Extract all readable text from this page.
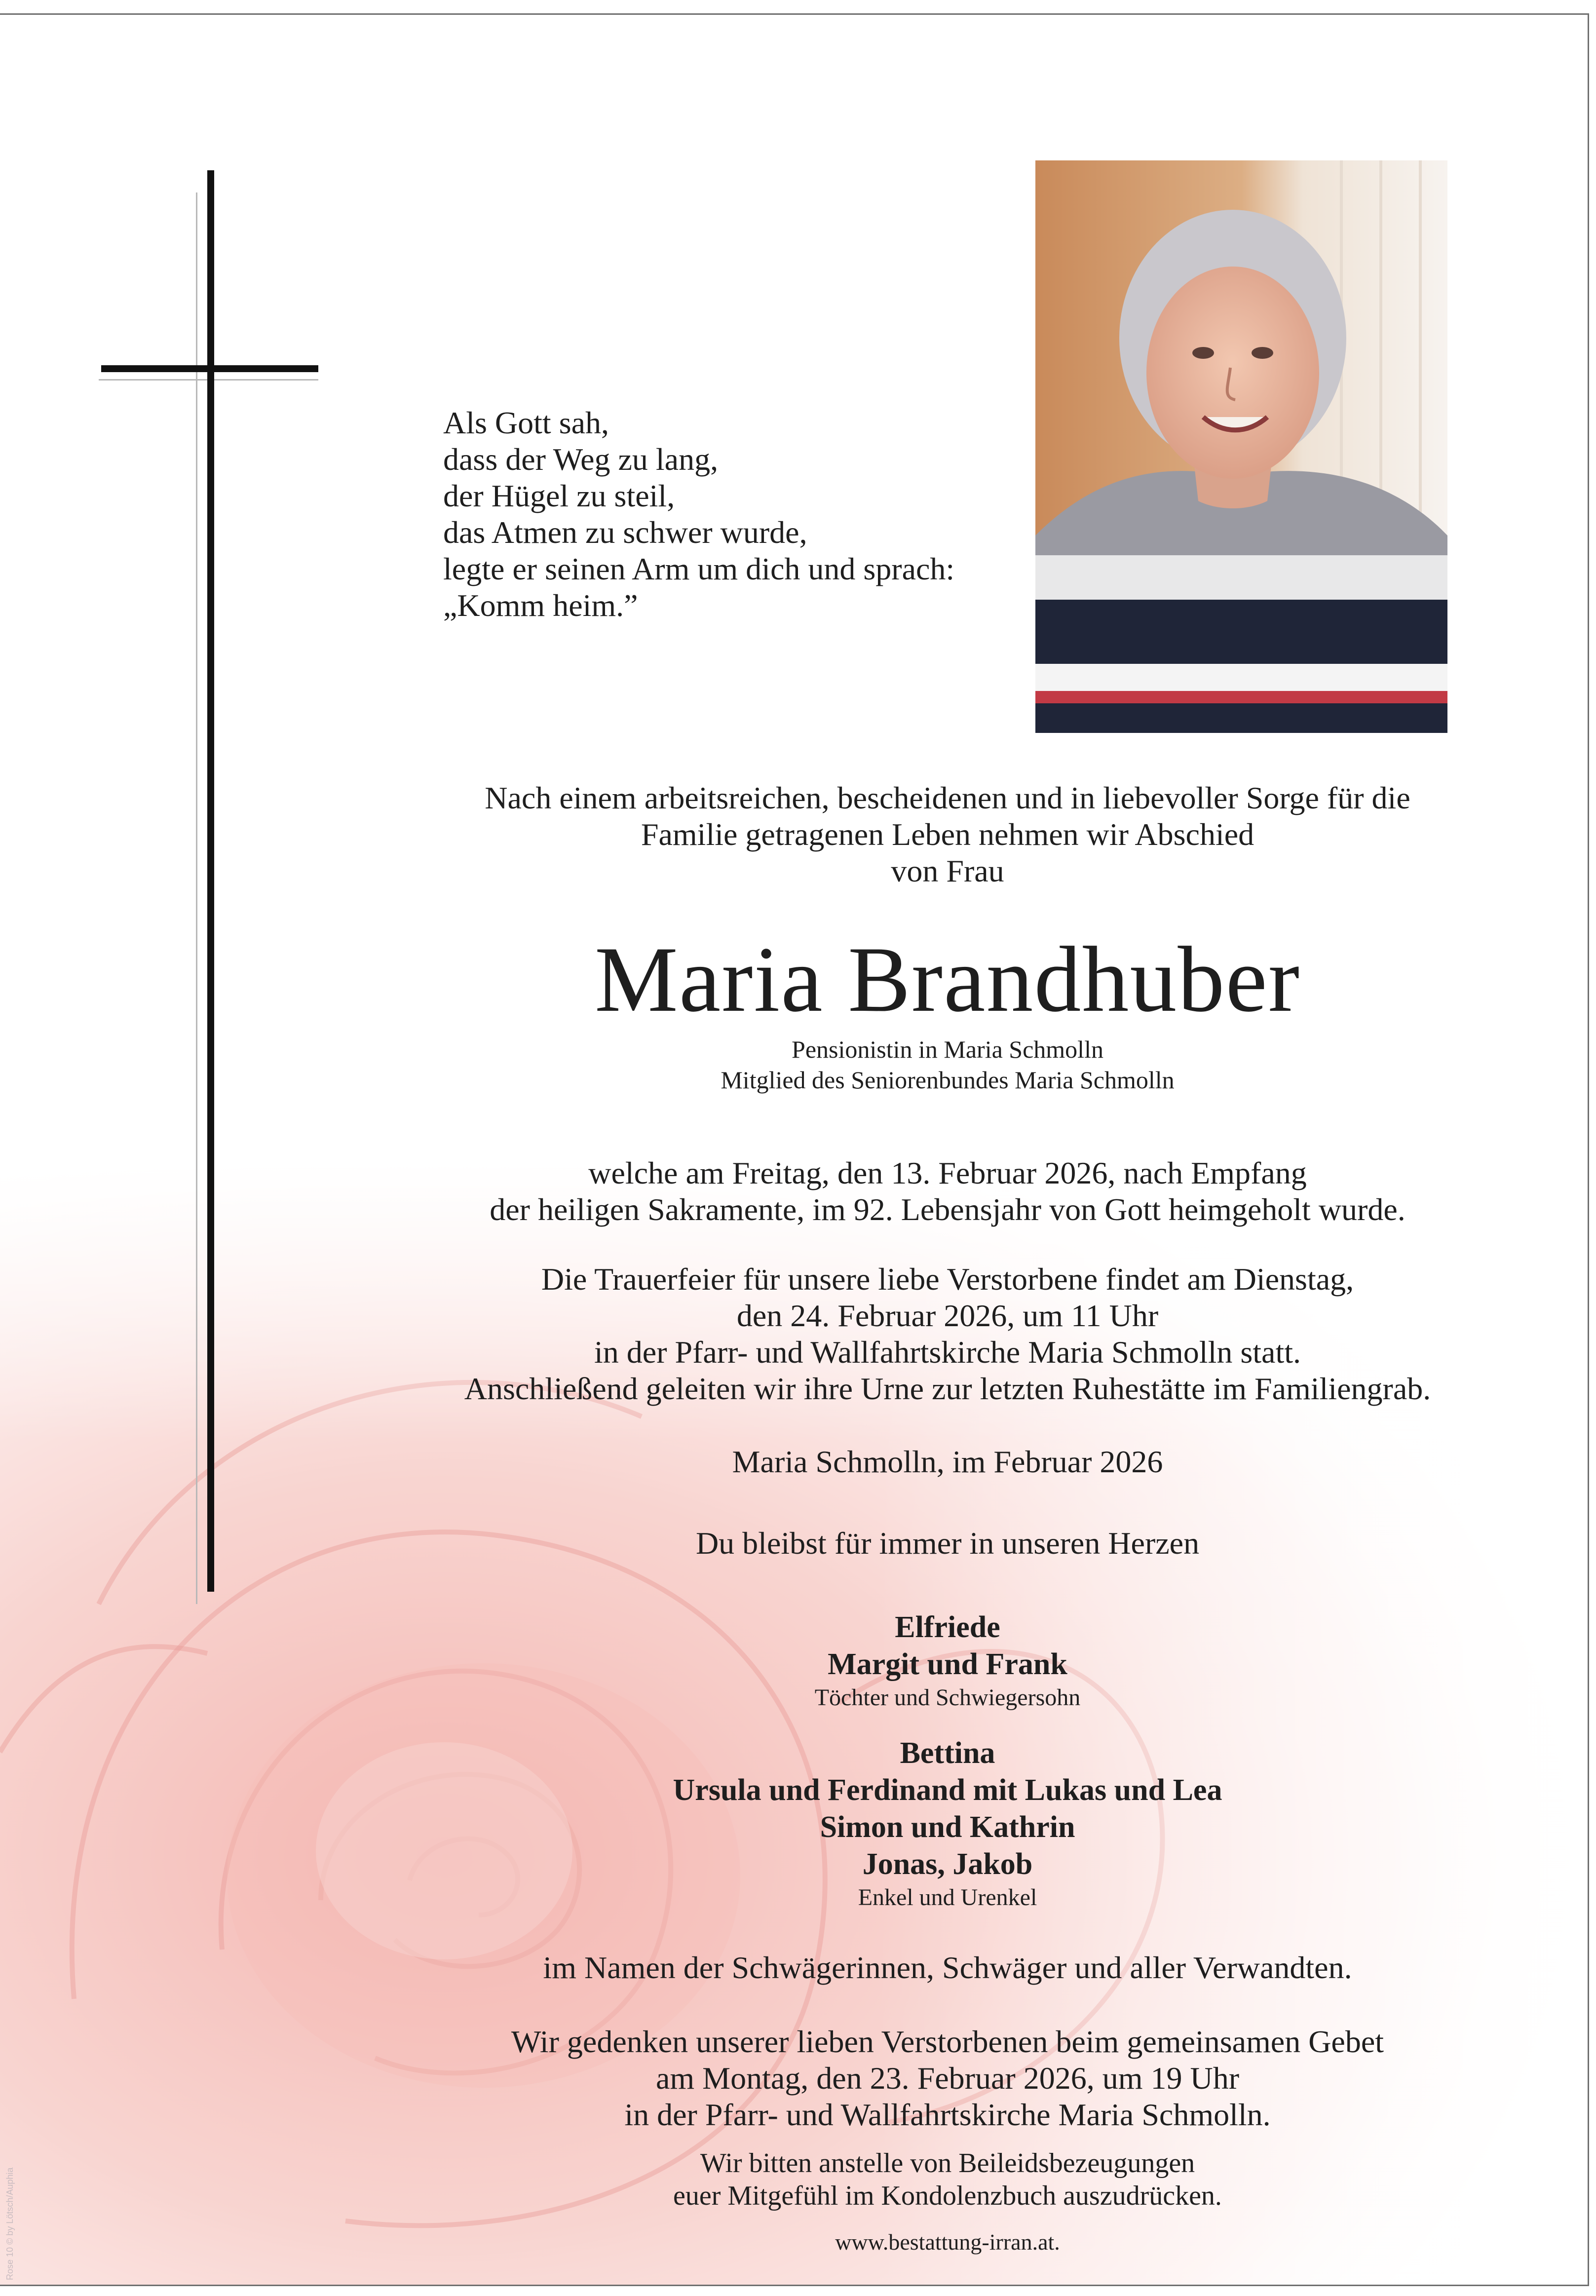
Als Gott sah,
dass der Weg zu lang,
der Hügel zu steil,
das Atmen zu schwer wurde,
legte er seinen Arm um dich und sprach:
„Komm heim.”
Nach einem arbeitsreichen, bescheidenen und in liebevoller Sorge für die
Familie getragenen Leben nehmen wir Abschied
von Frau
Maria Brandhuber
Pensionistin in Maria Schmolln
Mitglied des Seniorenbundes Maria Schmolln
welche am Freitag, den 13. Februar 2026, nach Empfang
der heiligen Sakramente, im 92. Lebensjahr von Gott heimgeholt wurde.
Die Trauerfeier für unsere liebe Verstorbene findet am Dienstag,
den 24. Februar 2026, um 11 Uhr
in der Pfarr- und Wallfahrtskirche Maria Schmolln statt.
Anschließend geleiten wir ihre Urne zur letzten Ruhestätte im Familiengrab.
Maria Schmolln, im Februar 2026
Du bleibst für immer in unseren Herzen
Elfriede
Margit und Frank
Töchter und Schwiegersohn
Bettina
Ursula und Ferdinand mit Lukas und Lea
Simon und Kathrin
Jonas, Jakob
Enkel und Urenkel
im Namen der Schwägerinnen, Schwäger und aller Verwandten.
Wir gedenken unserer lieben Verstorbenen beim gemeinsamen Gebet
am Montag, den 23. Februar 2026, um 19 Uhr
in der Pfarr- und Wallfahrtskirche Maria Schmolln.
Wir bitten anstelle von Beileidsbezeugungen
euer Mitgefühl im Kondolenzbuch auszudrücken.
www.bestattung-irran.at.
Rose 10 © by Lötsch/Auphia
